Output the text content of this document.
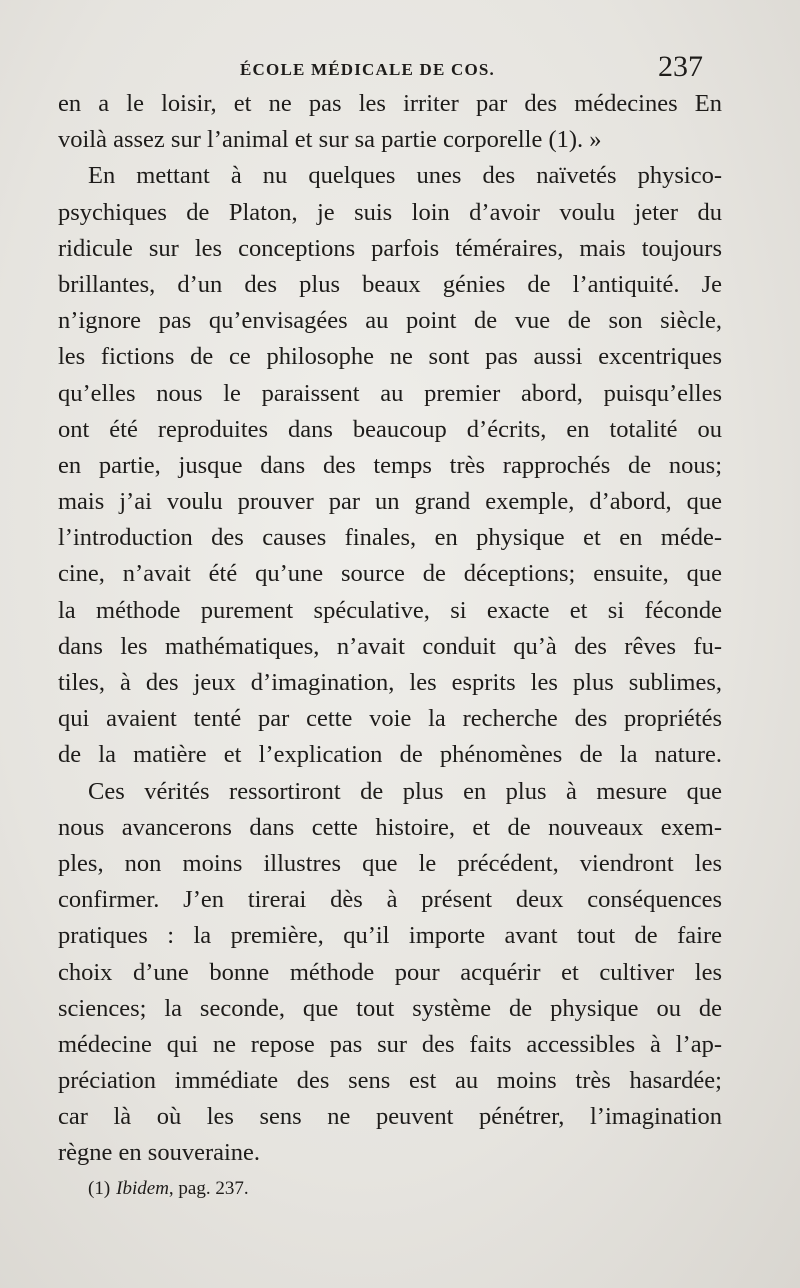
ÉCOLE MÉDICALE DE COS.	237
en a le loisir, et ne pas les irriter par des médecines En
voilà assez sur l’animal et sur sa partie corporelle (1). »
En mettant à nu quelques unes des naïvetés physico-
psychiques de Platon, je suis loin d’avoir voulu jeter du
ridicule sur les conceptions parfois téméraires, mais toujours
brillantes, d’un des plus beaux génies de l’antiquité. Je
n’ignore pas qu’envisagées au point de vue de son siècle,
les fictions de ce philosophe ne sont pas aussi excentriques
qu’elles nous le paraissent au premier abord, puisqu’elles
ont été reproduites dans beaucoup d’écrits, en totalité ou
en partie, jusque dans des temps très rapprochés de nous;
mais j’ai voulu prouver par un grand exemple, d’abord, que
l’introduction des causes finales, en physique et en méde-
cine, n’avait été qu’une source de déceptions; ensuite, que
la méthode purement spéculative, si exacte et si féconde
dans les mathématiques, n’avait conduit qu’à des rêves fu-
tiles, à des jeux d’imagination, les esprits les plus sublimes,
qui avaient tenté par cette voie la recherche des propriétés
de la matière et l’explication de phénomènes de la nature.
Ces vérités ressortiront de plus en plus à mesure que
nous avancerons dans cette histoire, et de nouveaux exem-
ples, non moins illustres que le précédent, viendront les
confirmer. J’en tirerai dès à présent deux conséquences
pratiques : la première, qu’il importe avant tout de faire
choix d’une bonne méthode pour acquérir et cultiver les
sciences; la seconde, que tout système de physique ou de
médecine qui ne repose pas sur des faits accessibles à l’ap-
préciation immédiate des sens est au moins très hasardée;
car là où les sens ne peuvent pénétrer, l’imagination
règne en souveraine.
(1) Ibidem, pag. 237.
